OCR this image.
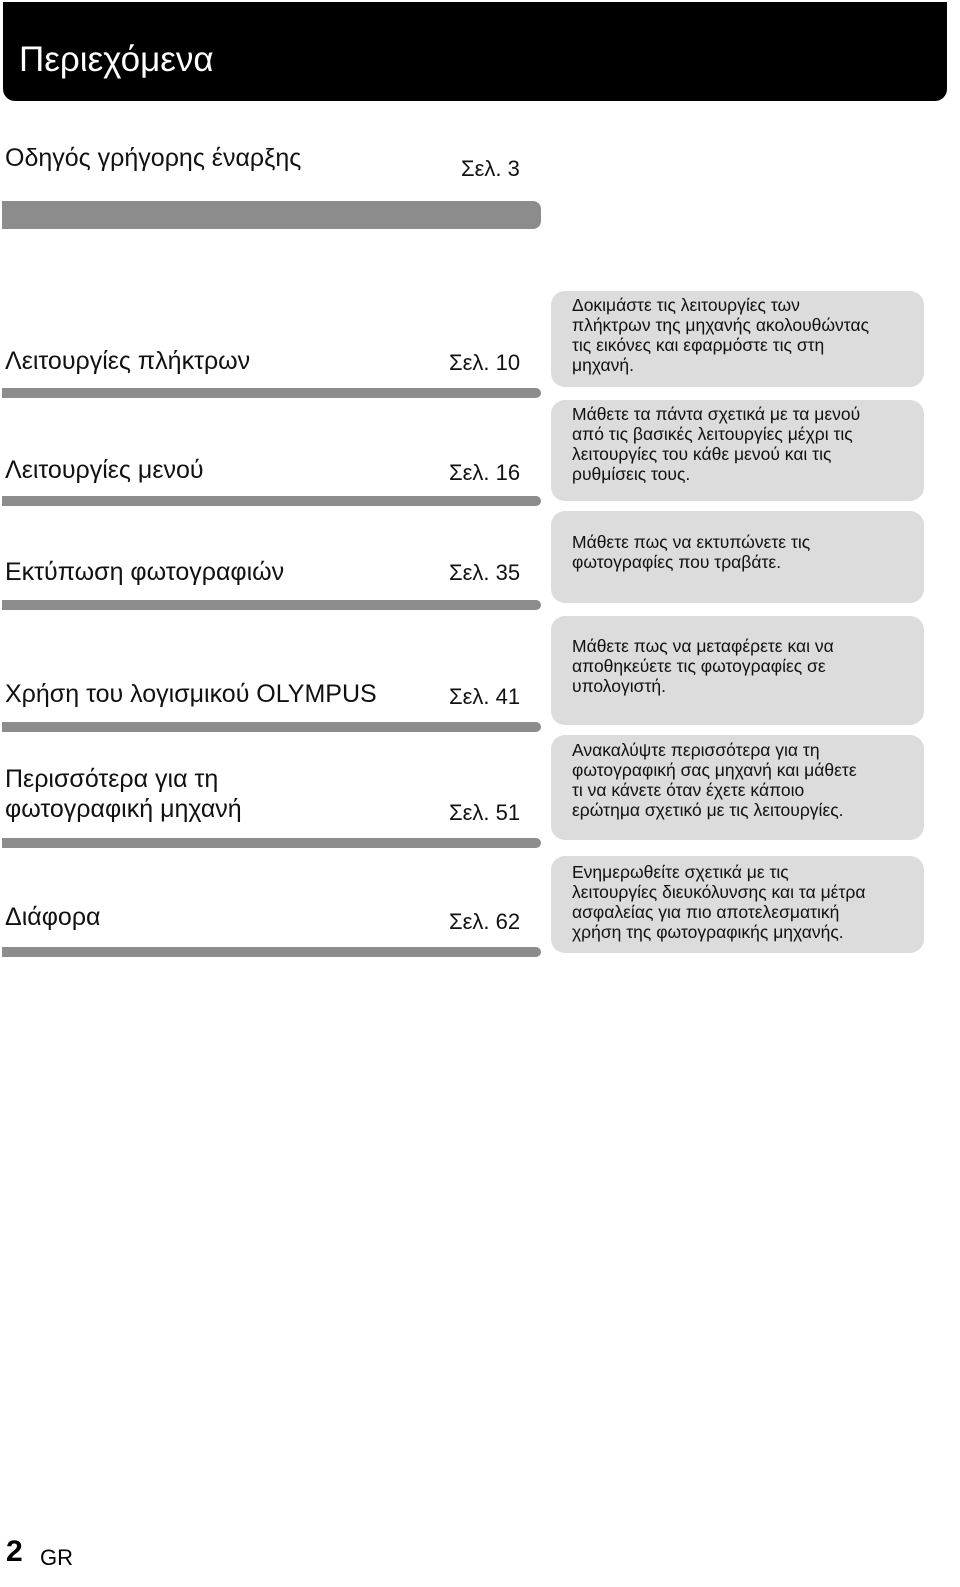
Περιεχόμενα
Οδηγός γρήγορης έναρξης	Σελ. 3
Λειτουργίες πλήκτρων	Σελ. 10
Δοκιμάστε τις λειτουργίες των
πλήκτρων της μηχανής ακολουθώντας
τις εικόνες και εφαρμόστε τις στη
μηχανή.
Λειτουργίες μενού	Σελ. 16
Μάθετε τα πάντα σχετικά με τα μενού
από τις βασικές λειτουργίες μέχρι τις
λειτουργίες του κάθε μενού και τις
ρυθμίσεις τους.
Εκτύπωση φωτογραφιών	Σελ. 35
Μάθετε πως να εκτυπώνετε τις
φωτογραφίες που τραβάτε.
Χρήση του λογισμικού OLYMPUS	Σελ. 41
Μάθετε πως να μεταφέρετε και να
αποθηκεύετε τις φωτογραφίες σε
υπολογιστή.
Περισσότερα για τη
φωτογραφική μηχανή	Σελ. 51
Ανακαλύψτε περισσότερα για τη
φωτογραφική σας μηχανή και μάθετε
τι να κάνετε όταν έχετε κάποιο
ερώτημα σχετικό με τις λειτουργίες.
Διάφορα	Σελ. 62
Ενημερωθείτε σχετικά με τις
λειτουργίες διευκόλυνσης και τα μέτρα
ασφαλείας για πιο αποτελεσματική
χρήση της φωτογραφικής μηχανής.
2 GR
